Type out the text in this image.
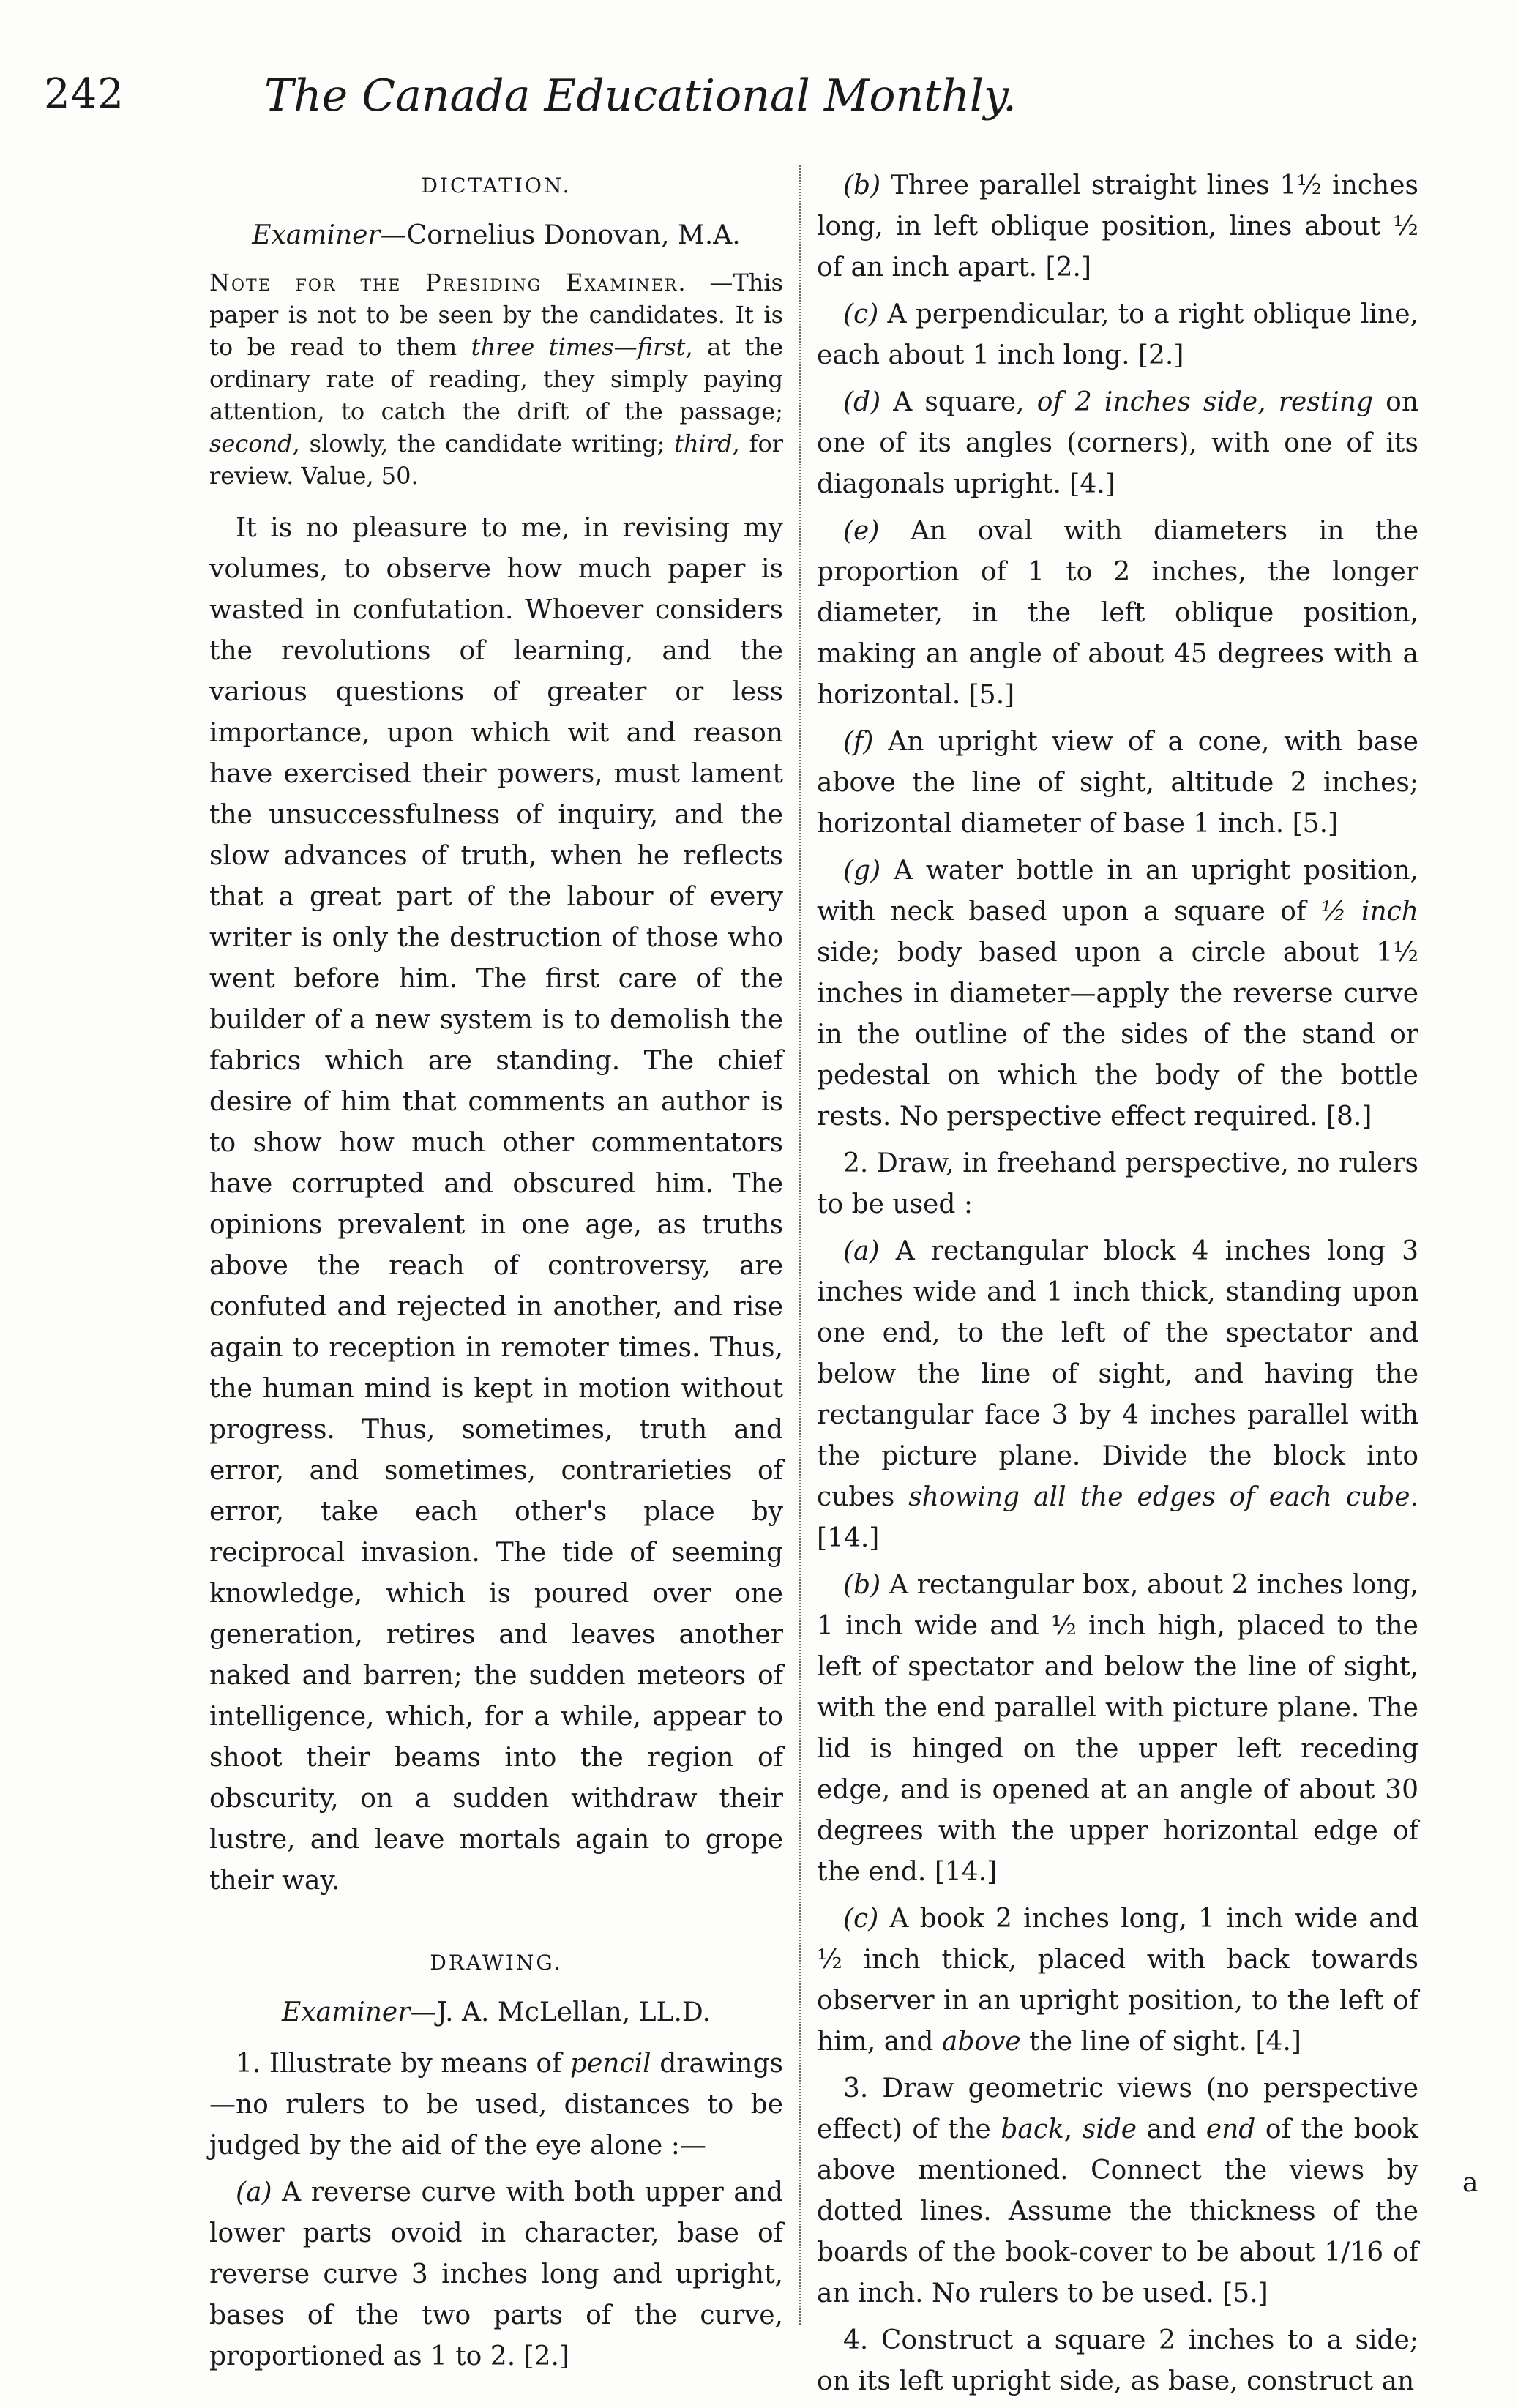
242	The Canada Educational Monthly.
DICTATION.
Examiner—Cornelius Donovan, M.A.
Note for the Presiding Examiner. —This paper is not to be seen by the candidates. It is to be read to them three times—first, at the ordinary rate of reading, they simply paying attention, to catch the drift of the passage; second, slowly, the candidate writing; third, for review. Value, 50.

It is no pleasure to me, in revising my volumes, to observe how much paper is wasted in confutation. Whoever considers the revolutions of learning, and the various questions of greater or less importance, upon which wit and reason have exercised their powers, must lament the unsuccessfulness of inquiry, and the slow advances of truth, when he reflects that a great part of the labour of every writer is only the destruction of those who went before him. The first care of the builder of a new system is to demolish the fabrics which are standing. The chief desire of him that comments an author is to show how much other commentators have corrupted and obscured him. The opinions prevalent in one age, as truths above the reach of controversy, are confuted and rejected in another, and rise again to reception in remoter times. Thus, the human mind is kept in motion without progress. Thus, sometimes, truth and error, and sometimes, contrarieties of error, take each other's place by reciprocal invasion. The tide of seeming knowledge, which is poured over one generation, retires and leaves another naked and barren; the sudden meteors of intelligence, which, for a while, appear to shoot their beams into the region of obscurity, on a sudden withdraw their lustre, and leave mortals again to grope their way.

DRAWING.
Examiner—J. A. McLellan, LL.D.

1. Illustrate by means of pencil drawings —no rulers to be used, distances to be judged by the aid of the eye alone :—

(a) A reverse curve with both upper and lower parts ovoid in character, base of reverse curve 3 inches long and upright, bases of the two parts of the curve, proportioned as 1 to 2. [2.]

(b) Three parallel straight lines 1½ inches long, in left oblique position, lines about ½ of an inch apart. [2.]

(c) A perpendicular, to a right oblique line, each about 1 inch long. [2.]

(d) A square, of 2 inches side, resting on one of its angles (corners), with one of its diagonals upright. [4.]

(e) An oval with diameters in the proportion of 1 to 2 inches, the longer diameter, in the left oblique position, making an angle of about 45 degrees with a horizontal. [5.]

(f) An upright view of a cone, with base above the line of sight, altitude 2 inches; horizontal diameter of base 1 inch. [5.]

(g) A water bottle in an upright position, with neck based upon a square of ½ inch side; body based upon a circle about 1½ inches in diameter—apply the reverse curve in the outline of the sides of the stand or pedestal on which the body of the bottle rests. No perspective effect required. [8.]

2. Draw, in freehand perspective, no rulers to be used :

(a) A rectangular block 4 inches long 3 inches wide and 1 inch thick, standing upon one end, to the left of the spectator and below the line of sight, and having the rectangular face 3 by 4 inches parallel with the picture plane. Divide the block into cubes showing all the edges of each cube. [14.]

(b) A rectangular box, about 2 inches long, 1 inch wide and ½ inch high, placed to the left of spectator and below the line of sight, with the end parallel with picture plane. The lid is hinged on the upper left receding edge, and is opened at an angle of about 30 degrees with the upper horizontal edge of the end. [14.]

(c) A book 2 inches long, 1 inch wide and ½ inch thick, placed with back towards observer in an upright position, to the left of him, and above the line of sight. [4.]

3. Draw geometric views (no perspective effect) of the back, side and end of the book above mentioned. Connect the views by dotted lines. Assume the thickness of the boards of the book-cover to be about 1/16 of an inch. No rulers to be used. [5.]

4. Construct a square 2 inches to a side; on its left upright side, as base, construct an

a
